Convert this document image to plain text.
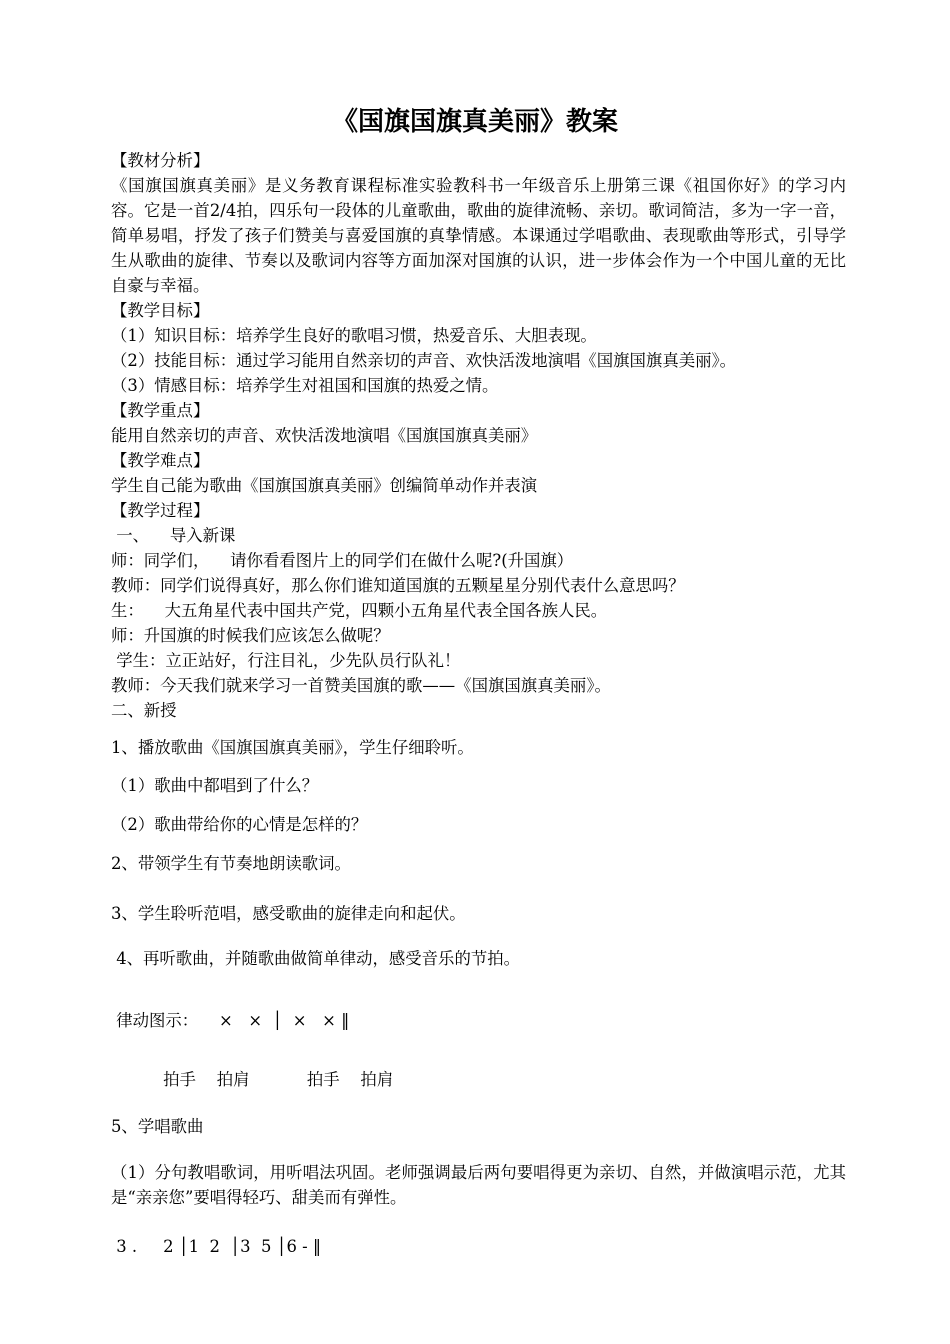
《国旗国旗真美丽》教案
【教材分析】
《国旗国旗真美丽》是义务教育课程标准实验教科书一年级音乐上册第三课《祖国你好》的学习内容。它是一首2/4拍，四乐句一段体的儿童歌曲，歌曲的旋律流畅、亲切。歌词简洁，多为一字一音，简单易唱，抒发了孩子们赞美与喜爱国旗的真挚情感。本课通过学唱歌曲、表现歌曲等形式，引导学生从歌曲的旋律、节奏以及歌词内容等方面加深对国旗的认识，进一步体会作为一个中国儿童的无比自豪与幸福。
【教学目标】
（1）知识目标：培养学生良好的歌唱习惯，热爱音乐、大胆表现。
（2）技能目标：通过学习能用自然亲切的声音、欢快活泼地演唱《国旗国旗真美丽》。
（3）情感目标：培养学生对祖国和国旗的热爱之情。
【教学重点】
能用自然亲切的声音、欢快活泼地演唱《国旗国旗真美丽》
【教学难点】
学生自己能为歌曲《国旗国旗真美丽》创编简单动作并表演
【教学过程】
一、    导入新课
师：同学们，    请你看看图片上的同学们在做什么呢?(升国旗）
教师：同学们说得真好，那么你们谁知道国旗的五颗星星分别代表什么意思吗？
生：    大五角星代表中国共产党，四颗小五角星代表全国各族人民。
师：升国旗的时候我们应该怎么做呢？
学生：立正站好，行注目礼，少先队员行队礼！
教师：今天我们就来学习一首赞美国旗的歌——《国旗国旗真美丽》。
二、新授
1、播放歌曲《国旗国旗真美丽》，学生仔细聆听。
（1）歌曲中都唱到了什么？
（2）歌曲带给你的心情是怎样的？
2、带领学生有节奏地朗读歌词。
3、学生聆听范唱，感受歌曲的旋律走向和起伏。
4、再听歌曲，并随歌曲做简单律动，感受音乐的节拍。
律动图示：    ×   ×  │  ×   × ‖
拍手    拍肩           拍手    拍肩
5、学唱歌曲
（1）分句教唱歌词，用听唱法巩固。老师强调最后两句要唱得更为亲切、自然，并做演唱示范，尤其是“亲亲您”要唱得轻巧、甜美而有弹性。
3 .     2 │1  2  │3  5 │6 - ‖
